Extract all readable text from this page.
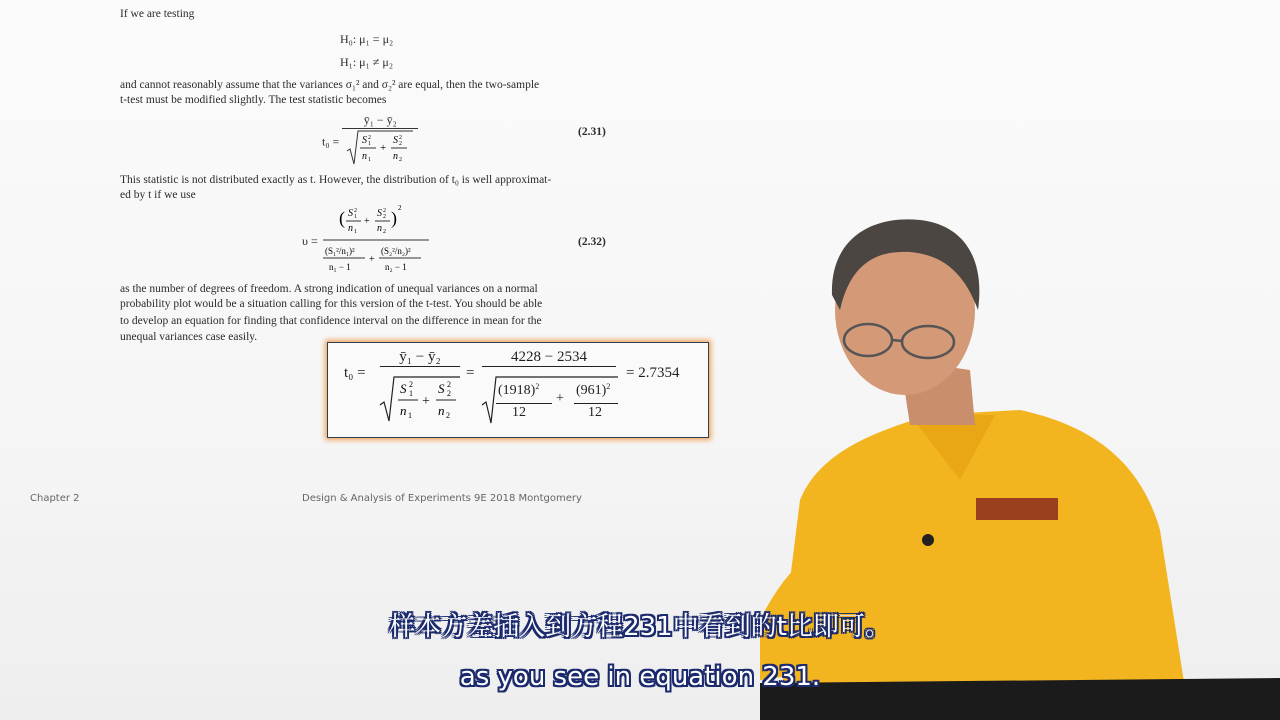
If we are testing
H₀: μ₁ = μ₂
H₁: μ₁ ≠ μ₂
and cannot reasonably assume that the variances σ₁² and σ₂² are equal, then the two-sample
t-test must be modified slightly. The test statistic becomes
t₀ =
ȳ₁ − ȳ₂
S 2
1
n 1
+
S 2
2
n 2
(2.31)
This statistic is not distributed exactly as t. However, the distribution of t₀ is well approximat-
ed by t if we use
υ =
( S 2
1
n 1
+
S 2
2
n 2
) 2
(S₁²/n₁)²
n₁ − 1
+
(S₂²/n₂)²
n₂ − 1
(2.32)
as the number of degrees of freedom. A strong indication of unequal variances on a normal
probability plot would be a situation calling for this version of the t-test. You should be able
to develop an equation for finding that confidence interval on the difference in mean for the
unequal variances case easily.
t₀ =
ȳ₁ − ȳ₂
S 2
1
n 1
+
S 2
2
n 2
=
4228 − 2534
$(1918)^2$
12
+
$(961)^2$
12
= 2.7354
Chapter 2	Design & Analysis of Experiments 9E 2018 Montgomery
样本方差插入到方程231中看到的t比即可。
as you see in equation 231.
